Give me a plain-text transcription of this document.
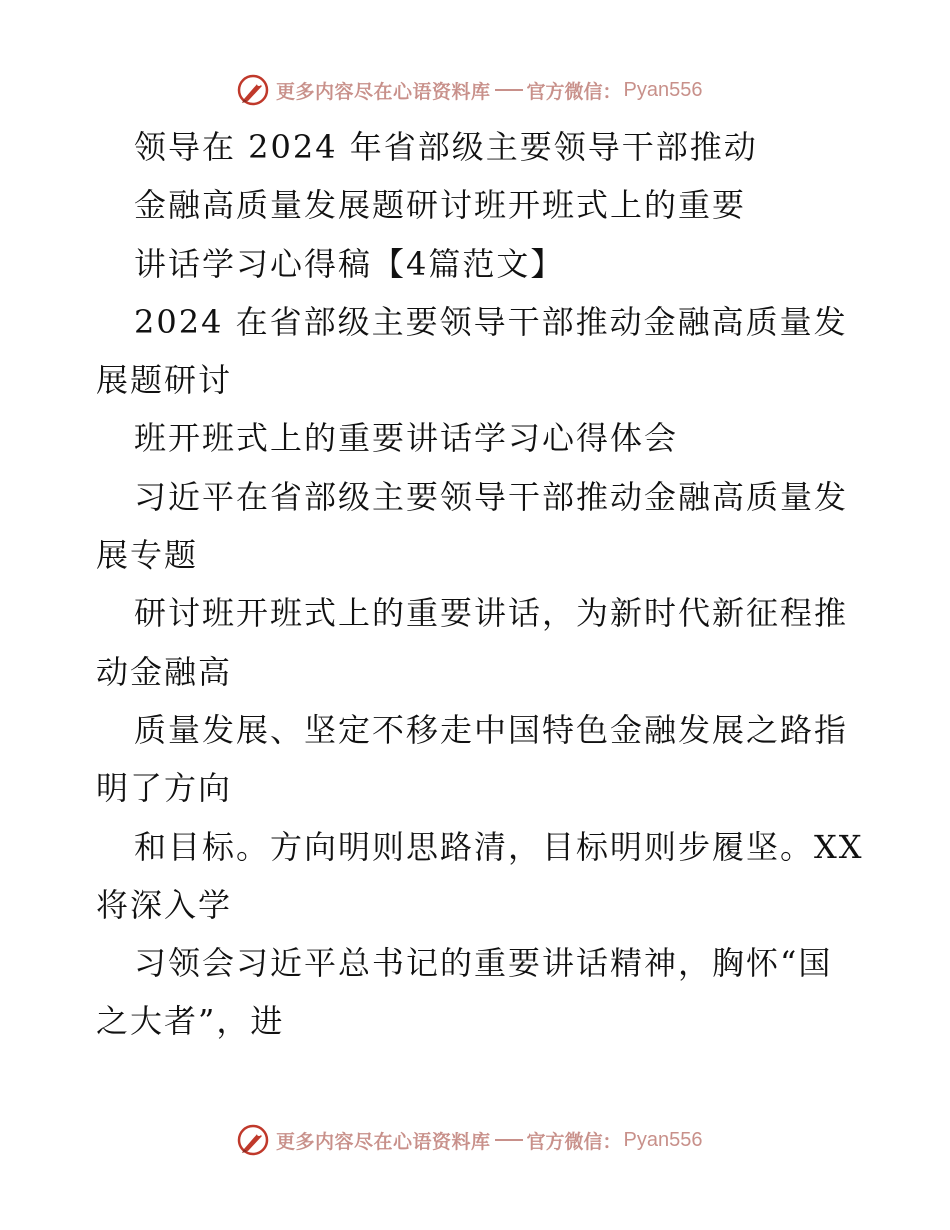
更多内容尽在心语资料库 官方微信： Pyan556
领导在 2024 年省部级主要领导干部推动
金融高质量发展题研讨班开班式上的重要
讲话学习心得稿【4篇范文】
2024 在省部级主要领导干部推动金融高质量发
展题研讨
班开班式上的重要讲话学习心得体会
习近平在省部级主要领导干部推动金融高质量发
展专题
研讨班开班式上的重要讲话，为新时代新征程推
动金融高
质量发展、坚定不移走中国特色金融发展之路指
明了方向
和目标。方向明则思路清，目标明则步履坚。XX
将深入学
习领会习近平总书记的重要讲话精神，胸怀“国
之大者”，进
更多内容尽在心语资料库 官方微信： Pyan556
